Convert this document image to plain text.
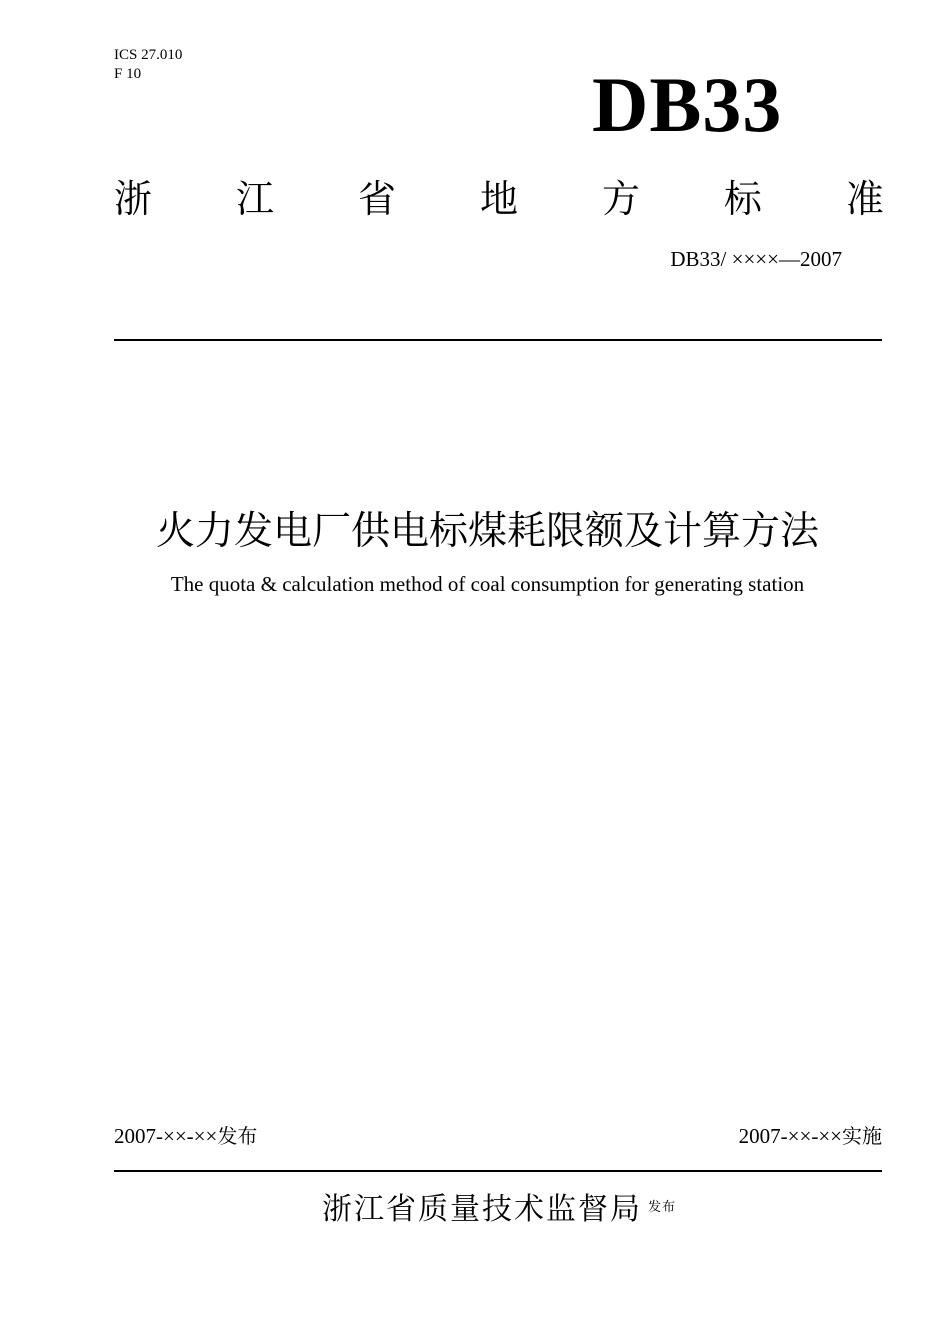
ICS 27.010
F 10	DB33
浙 江 省 地 方 标 准
DB33/ ××××—2007
火力发电厂供电标煤耗限额及计算方法
The quota & calculation method of coal consumption for generating station
2007-××-××发布	2007-××-××实施
浙江省质量技术监督局 $^{发布}$
